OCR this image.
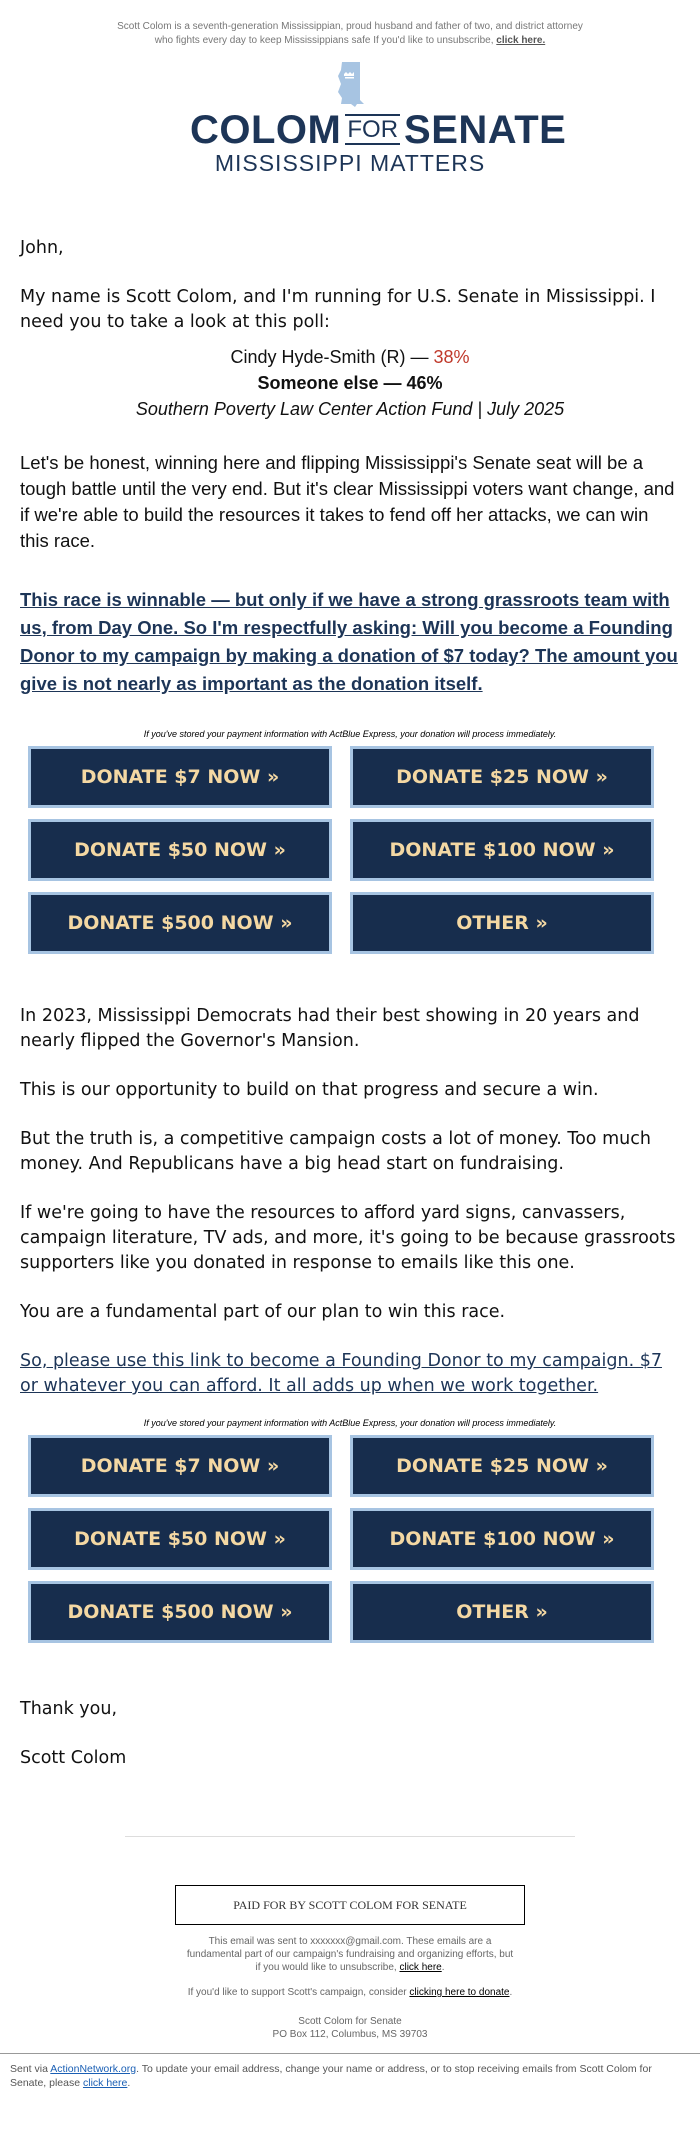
Scott Colom is a seventh-generation Mississippian, proud husband and father of two, and district attorney who fights every day to keep Mississippians safe If you'd like to unsubscribe, click here.
COLOM FOR SENATE
MISSISSIPPI MATTERS

John,

My name is Scott Colom, and I'm running for U.S. Senate in Mississippi. I need you to take a look at this poll:

Cindy Hyde-Smith (R) — 38%
Someone else — 46%
Southern Poverty Law Center Action Fund | July 2025

Let's be honest, winning here and flipping Mississippi's Senate seat will be a tough battle until the very end. But it's clear Mississippi voters want change, and if we're able to build the resources it takes to fend off her attacks, we can win this race.

This race is winnable — but only if we have a strong grassroots team with us, from Day One. So I'm respectfully asking: Will you become a Founding Donor to my campaign by making a donation of $7 today? The amount you give is not nearly as important as the donation itself.
If you've stored your payment information with ActBlue Express, your donation will process immediately.
DONATE $7 NOW »	DONATE $25 NOW »
DONATE $50 NOW »	DONATE $100 NOW »
DONATE $500 NOW »	OTHER »

In 2023, Mississippi Democrats had their best showing in 20 years and nearly flipped the Governor's Mansion.

This is our opportunity to build on that progress and secure a win.

But the truth is, a competitive campaign costs a lot of money. Too much money. And Republicans have a big head start on fundraising.

If we're going to have the resources to afford yard signs, canvassers, campaign literature, TV ads, and more, it's going to be because grassroots supporters like you donated in response to emails like this one.

You are a fundamental part of our plan to win this race.

So, please use this link to become a Founding Donor to my campaign. $7 or whatever you can afford. It all adds up when we work together.
If you've stored your payment information with ActBlue Express, your donation will process immediately.
DONATE $7 NOW »	DONATE $25 NOW »
DONATE $50 NOW »	DONATE $100 NOW »
DONATE $500 NOW »	OTHER »

Thank you,

Scott Colom

PAID FOR BY SCOTT COLOM FOR SENATE
This email was sent to xxxxxxx@gmail.com. These emails are a fundamental part of our campaign's fundraising and organizing efforts, but if you would like to unsubscribe, click here.
If you'd like to support Scott's campaign, consider clicking here to donate.
Scott Colom for Senate
PO Box 112, Columbus, MS 39703
Sent via ActionNetwork.org. To update your email address, change your name or address, or to stop receiving emails from Scott Colom for Senate, please click here.
